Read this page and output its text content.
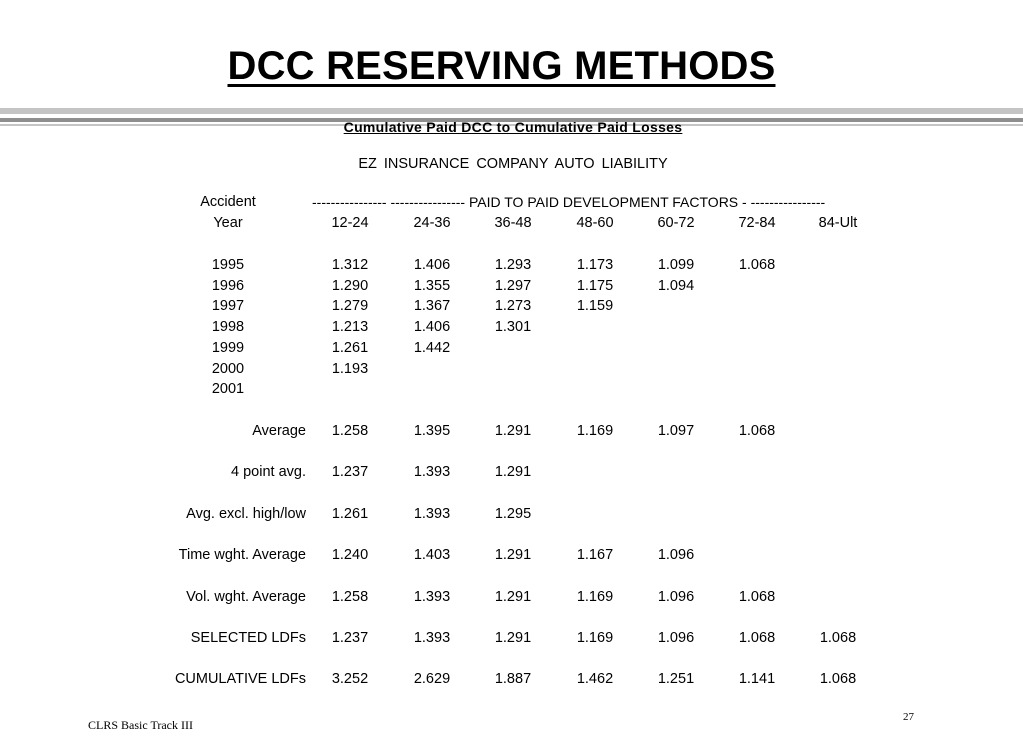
DCC RESERVING METHODS
Cumulative Paid DCC to Cumulative Paid Losses
EZ INSURANCE COMPANY AUTO LIABILITY
Accident
Year
---------------- ---------------- PAID TO PAID DEVELOPMENT FACTORS - ----------------
12-24	24-36	36-48	48-60	60-72	72-84	84-Ult
1995	1.312	1.406	1.293	1.173	1.099	1.068
1996	1.290	1.355	1.297	1.175	1.094
1997	1.279	1.367	1.273	1.159
1998	1.213	1.406	1.301
1999	1.261	1.442
2000	1.193
2001
Average	1.258	1.395	1.291	1.169	1.097	1.068
4 point avg.	1.237	1.393	1.291
Avg. excl. high/low	1.261	1.393	1.295
Time wght. Average	1.240	1.403	1.291	1.167	1.096
Vol. wght. Average	1.258	1.393	1.291	1.169	1.096	1.068
SELECTED LDFs	1.237	1.393	1.291	1.169	1.096	1.068	1.068
CUMULATIVE LDFs	3.252	2.629	1.887	1.462	1.251	1.141	1.068
CLRS Basic Track III
27
